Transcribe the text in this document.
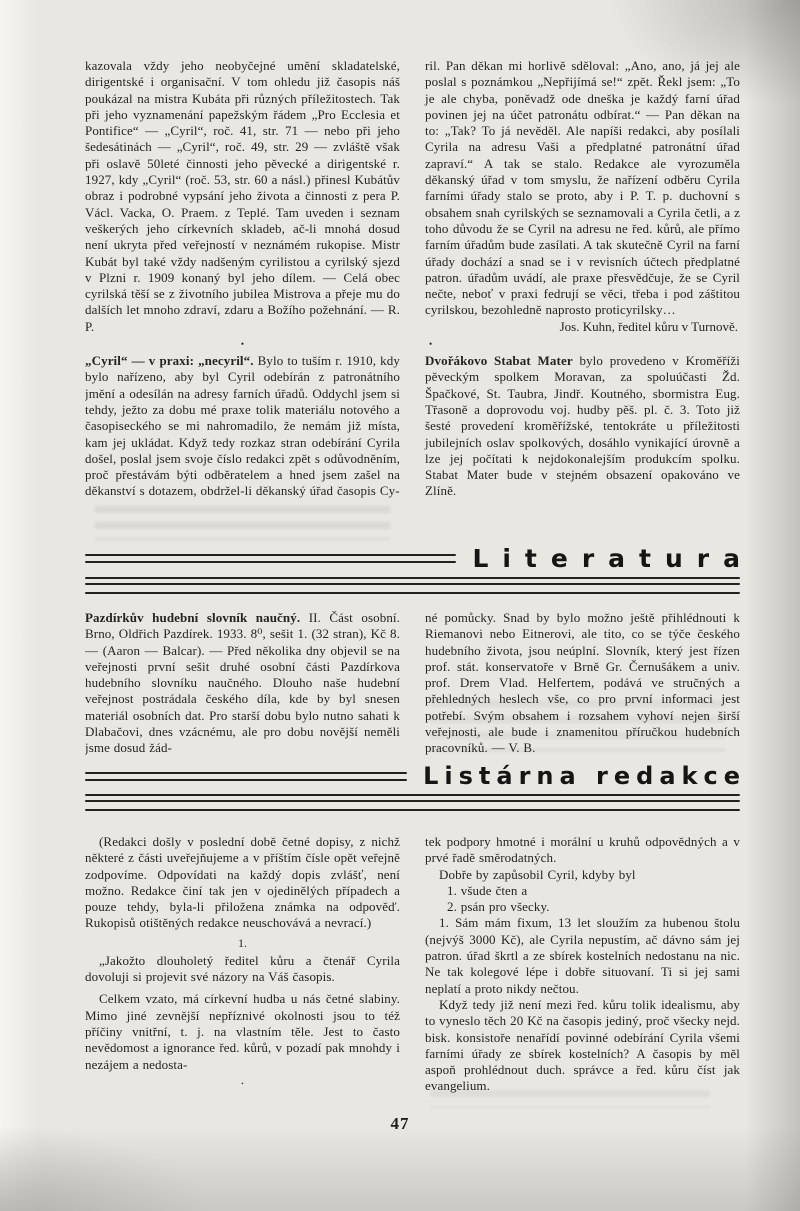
kazovala vždy jeho neobyčejné umění skladatelské, dirigentské i organisační. V tom ohledu již časopis náš poukázal na mistra Kubáta při různých příležitostech. Tak při jeho vyznamenání papežským řádem „Pro Ecclesia et Pontifice“ — „Cyril“, roč. 41, str. 71 — nebo při jeho šedesátinách — „Cyril“, roč. 49, str. 29 — zvláště však při oslavě 50leté činnosti jeho pěvecké a dirigentské r. 1927, kdy „Cyril“ (roč. 53, str. 60 a násl.) přinesl Kubátův obraz i podrobné vypsání jeho života a činnosti z pera P. Václ. Vacka, O. Praem. z Teplé. Tam uveden i seznam veškerých jeho církevních skladeb, ač-li mnohá dosud není ukryta před veřejností v neznámém rukopise. Mistr Kubát byl také vždy nadšeným cyrilistou a cyrilský sjezd v Plzni r. 1909 konaný byl jeho dílem. — Celá obec cyrilská těší se z životního jubilea Mistrova a přeje mu do dalších let mnoho zdraví, zdaru a Božího požehnání. — R. P.

•

„Cyril“ — v praxi: „necyril“. Bylo to tuším r. 1910, kdy bylo nařízeno, aby byl Cyril odebírán z patronátního jmění a odesílán na adresy farních úřadů. Oddychl jsem si tehdy, ježto za dobu mé praxe tolik materiálu notového a časopiseckého se mi nahromadilo, že nemám již místa, kam jej ukládat. Když tedy rozkaz stran odebírání Cyrila došel, poslal jsem svoje číslo redakci zpět s odůvodněním, proč přestávám býti odběratelem a hned jsem zašel na děkanství s dotazem, obdržel-li děkanský úřad časopis Cy-

ril. Pan děkan mi horlivě sděloval: „Ano, ano, já jej ale poslal s poznámkou „Nepřijímá se!“ zpět. Řekl jsem: „To je ale chyba, poněvadž ode dneška je každý farní úřad povinen jej na účet patronátu odbírat.“ — Pan děkan na to: „Tak? To já nevěděl. Ale napíši redakci, aby posílali Cyrila na adresu Vaši a předplatné patronátní úřad zapraví.“ A tak se stalo. Redakce ale vyrozuměla děkanský úřad v tom smyslu, že nařízení odběru Cyrila farními úřady stalo se proto, aby i P. T. p. duchovní s obsahem snah cyrilských se seznamovali a Cyrila četli, a z toho důvodu že se Cyril na adresu ne řed. kůrů, ale přímo farním úřadům bude zasílati. A tak skutečně Cyril na farní úřady dochází a snad se i v revisních účtech předplatné patron. úřadům uvádí, ale praxe přesvědčuje, že se Cyril nečte, neboť v praxi fedrují se věci, třeba i pod záštitou cyrilskou, bezohledně naprosto proticyrilsky…

Jos. Kuhn, ředitel kůru v Turnově.
•

Dvořákovo Stabat Mater bylo provedeno v Kroměříži pěveckým spolkem Moravan, za spoluúčasti Žd. Špačkové, St. Taubra, Jindř. Koutného, sbormistra Eug. Třasoně a doprovodu voj. hudby pěš. pl. č. 3. Toto již šesté provedení kroměřížské, tentokráte u příležitosti jubilejních oslav spolkových, dosáhlo vynikající úrovně a lze jej počítati k nejdokonalejším produkcím spolku. Stabat Mater bude v stejném obsazení opakováno ve Zlíně.

Literatura

Pazdírkův hudební slovník naučný. II. Část osobní. Brno, Oldřich Pazdírek. 1933. 8⁰, sešit 1. (32 stran), Kč 8.— (Aaron — Balcar). — Před několika dny objevil se na veřejnosti první sešit druhé osobní části Pazdírkova hudebního slovníku naučného. Dlouho naše hudební veřejnost postrádala českého díla, kde by byl snesen materiál osobních dat. Pro starší dobu bylo nutno sahati k Dlabačovi, dnes vzácnému, ale pro dobu novější neměli jsme dosud žád-

né pomůcky. Snad by bylo možno ještě přihlédnouti k Riemanovi nebo Eitnerovi, ale tito, co se týče českého hudebního života, jsou neúplní. Slovník, který jest řízen prof. stát. konservatoře v Brně Gr. Černušákem a univ. prof. Drem Vlad. Helfertem, podává ve stručných a přehledných heslech vše, co pro první informaci jest potřebí. Svým obsahem i rozsahem vyhoví nejen širší veřejnosti, ale bude i znamenitou příručkou hudebních pracovníků. — V. B.

Listárna redakce

(Redakci došly v poslední době četné dopisy, z nichž některé z části uveřejňujeme a v příštím čísle opět veřejně zodpovíme. Odpovídati na každý dopis zvlášť, není možno. Redakce činí tak jen v ojedinělých případech a pouze tehdy, byla-li přiložena známka na odpověď. Rukopisů otištěných redakce neuschovává a nevrací.)

1.

„Jakožto dlouholetý ředitel kůru a čtenář Cyrila dovoluji si projevit své názory na Váš časopis.

Celkem vzato, má církevní hudba u nás četné slabiny. Mimo jiné zevnější nepříznivé okolnosti jsou to též příčiny vnitřní, t. j. na vlastním těle. Jest to často nevědomost a ignorance řed. kůrů, v pozadí pak mnohdy i nezájem a nedosta-

•

tek podpory hmotné i morální u kruhů odpovědných a v prvé řadě směrodatných.

Dobře by zapůsobil Cyril, kdyby byl

1. všude čten a

2. psán pro všecky.

1. Sám mám fixum, 13 let sloužím za hubenou štolu (nejvýš 3000 Kč), ale Cyrila nepustím, ač dávno sám jej patron. úřad škrtl a ze sbírek kostelních nedostanu na nic. Ne tak kolegové lépe i dobře situovaní. Ti si jej sami neplatí a proto nikdy nečtou.

Když tedy již není mezi řed. kůru tolik idealismu, aby to vyneslo těch 20 Kč na časopis jediný, proč všecky nejd. bisk. konsistoře nenařídí povinné odebírání Cyrila všemi farními úřady ze sbírek kostelních? A časopis by měl aspoň prohlédnout duch. správce a řed. kůru číst jak evangelium.

47
